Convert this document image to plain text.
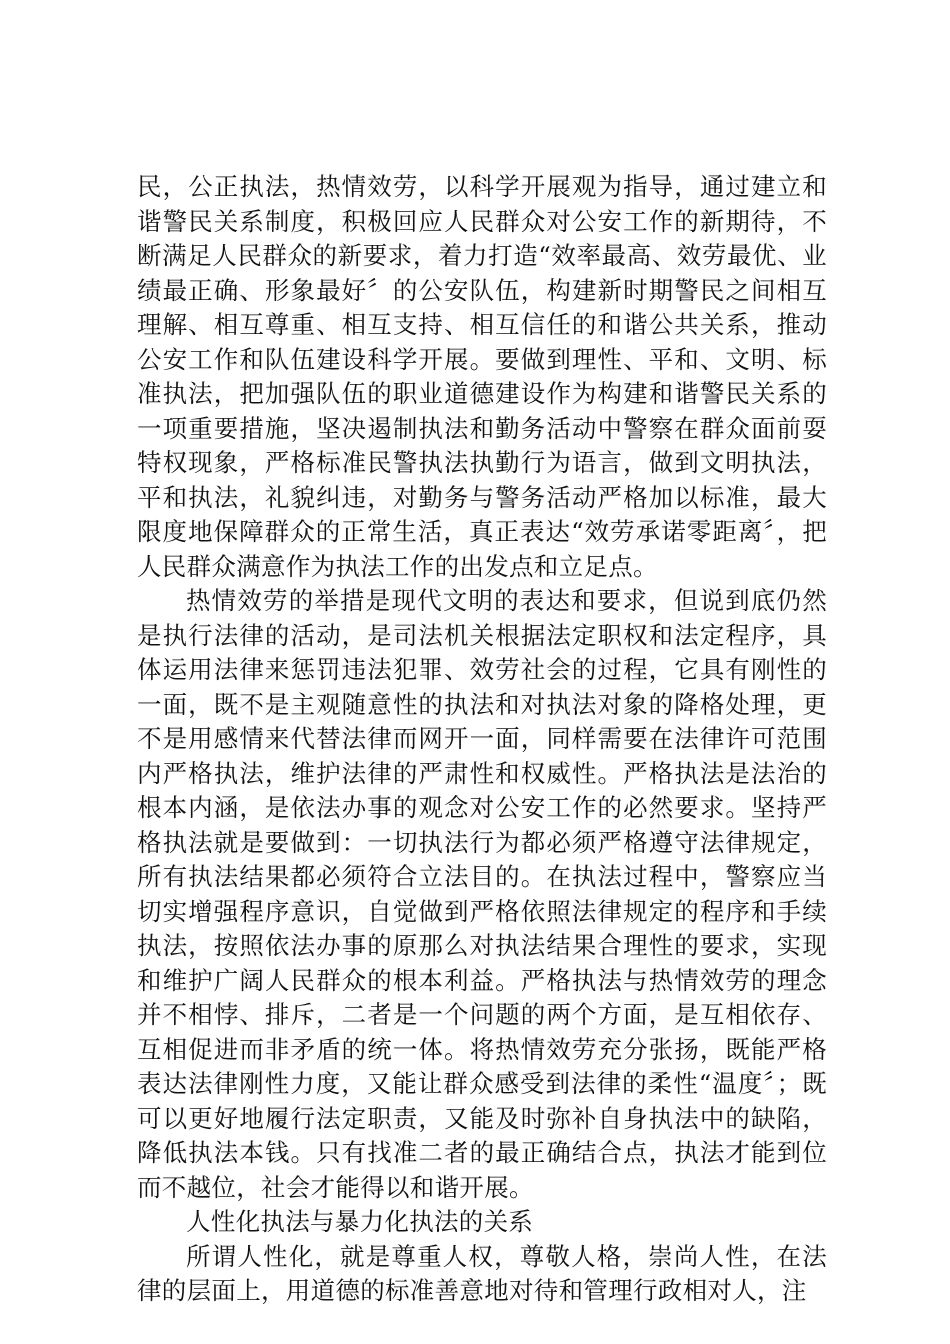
民，公正执法，热情效劳，以科学开展观为指导，通过建立和谐警民关系制度，积极回应人民群众对公安工作的新期待，不断满足人民群众的新要求，着力打造“效率最高、效劳最优、业绩最正确、形象最好〞的公安队伍，构建新时期警民之间相互理解、相互尊重、相互支持、相互信任的和谐公共关系，推动公安工作和队伍建设科学开展。要做到理性、平和、文明、标准执法，把加强队伍的职业道德建设作为构建和谐警民关系的一项重要措施，坚决遏制执法和勤务活动中警察在群众面前耍特权现象，严格标准民警执法执勤行为语言，做到文明执法，平和执法，礼貌纠违，对勤务与警务活动严格加以标准，最大限度地保障群众的正常生活，真正表达“效劳承诺零距离〞，把人民群众满意作为执法工作的出发点和立足点。

热情效劳的举措是现代文明的表达和要求，但说到底仍然是执行法律的活动，是司法机关根据法定职权和法定程序，具体运用法律来惩罚违法犯罪、效劳社会的过程，它具有刚性的一面，既不是主观随意性的执法和对执法对象的降格处理，更不是用感情来代替法律而网开一面，同样需要在法律许可范围内严格执法，维护法律的严肃性和权威性。严格执法是法治的根本内涵，是依法办事的观念对公安工作的必然要求。坚持严格执法就是要做到：一切执法行为都必须严格遵守法律规定，所有执法结果都必须符合立法目的。在执法过程中，警察应当切实增强程序意识，自觉做到严格依照法律规定的程序和手续执法，按照依法办事的原那么对执法结果合理性的要求，实现和维护广阔人民群众的根本利益。严格执法与热情效劳的理念并不相悖、排斥，二者是一个问题的两个方面，是互相依存、互相促进而非矛盾的统一体。将热情效劳充分张扬，既能严格表达法律刚性力度，又能让群众感受到法律的柔性“温度〞；既可以更好地履行法定职责，又能及时弥补自身执法中的缺陷，降低执法本钱。只有找准二者的最正确结合点，执法才能到位而不越位，社会才能得以和谐开展。

人性化执法与暴力化执法的关系

所谓人性化，就是尊重人权，尊敬人格，崇尚人性，在法律的层面上，用道德的标准善意地对待和管理行政相对人，注
